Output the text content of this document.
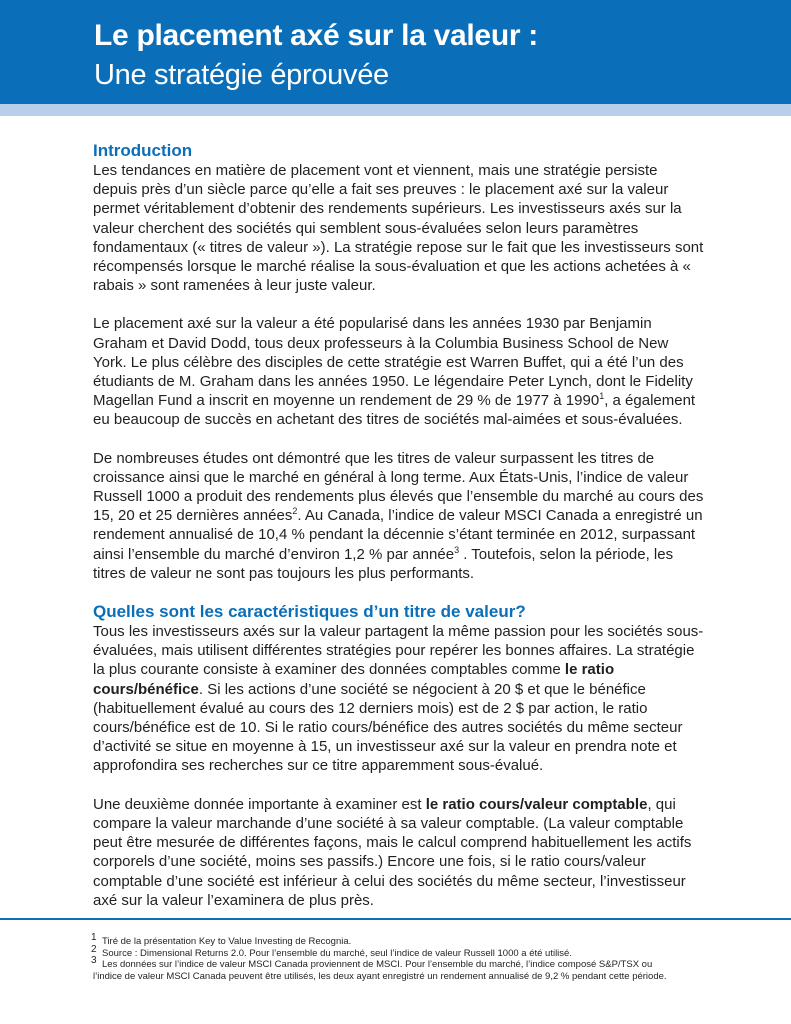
Le placement axé sur la valeur :
Une stratégie éprouvée
Introduction

Les tendances en matière de placement vont et viennent, mais une stratégie persiste depuis près d’un siècle parce qu’elle a fait ses preuves : le placement axé sur la valeur permet véritablement d’obtenir des rendements supérieurs. Les investisseurs axés sur la valeur cherchent des sociétés qui semblent sous-évaluées selon leurs paramètres fondamentaux (« titres de valeur »). La stratégie repose sur le fait que les investisseurs sont récompensés lorsque le marché réalise la sous-évaluation et que les actions achetées à « rabais » sont ramenées à leur juste valeur.

Le placement axé sur la valeur a été popularisé dans les années 1930 par Benjamin Graham et David Dodd, tous deux professeurs à la Columbia Business School de New York. Le plus célèbre des disciples de cette stratégie est Warren Buffet, qui a été l’un des étudiants de M. Graham dans les années 1950. Le légendaire Peter Lynch, dont le Fidelity Magellan Fund a inscrit en moyenne un rendement de 29 % de 1977 à 1990$^1$, a également eu beaucoup de succès en achetant des titres de sociétés mal-aimées et sous-évaluées.

De nombreuses études ont démontré que les titres de valeur surpassent les titres de croissance ainsi que le marché en général à long terme. Aux États-Unis, l’indice de valeur Russell 1000 a produit des rendements plus élevés que l’ensemble du marché au cours des 15, 20 et 25 dernières années$^2$. Au Canada, l’indice de valeur MSCI Canada a enregistré un rendement annualisé de 10,4 % pendant la décennie s’étant terminée en 2012, surpassant ainsi l’ensemble du marché d’environ 1,2 % par année$^3$ . Toutefois, selon la période, les titres de valeur ne sont pas toujours les plus performants.

Quelles sont les caractéristiques d’un titre de valeur?

Tous les investisseurs axés sur la valeur partagent la même passion pour les sociétés sous-évaluées, mais utilisent différentes stratégies pour repérer les bonnes affaires. La stratégie la plus courante consiste à examiner des données comptables comme le ratio cours/bénéfice. Si les actions d’une société se négocient à 20 $ et que le bénéfice (habituellement évalué au cours des 12 derniers mois) est de 2 $ par action, le ratio cours/bénéfice est de 10. Si le ratio cours/bénéfice des autres sociétés du même secteur d’activité se situe en moyenne à 15, un investisseur axé sur la valeur en prendra note et approfondira ses recherches sur ce titre apparemment sous-évalué.

Une deuxième donnée importante à examiner est le ratio cours/valeur comptable, qui compare la valeur marchande d’une société à sa valeur comptable. (La valeur comptable peut être mesurée de différentes façons, mais le calcul comprend habituellement les actifs corporels d’une société, moins ses passifs.) Encore une fois, si le ratio cours/valeur comptable d’une société est inférieur à celui des sociétés du même secteur, l’investisseur axé sur la valeur l’examinera de plus près.

1 Tiré de la présentation Key to Value Investing de Recognia.
2 Source : Dimensional Returns 2.0. Pour l’ensemble du marché, seul l’indice de valeur Russell 1000 a été utilisé.
3 Les données sur l’indice de valeur MSCI Canada proviennent de MSCI. Pour l’ensemble du marché, l’indice composé S&P/TSX ou
l’indice de valeur MSCI Canada peuvent être utilisés, les deux ayant enregistré un rendement annualisé de 9,2 % pendant cette période.
